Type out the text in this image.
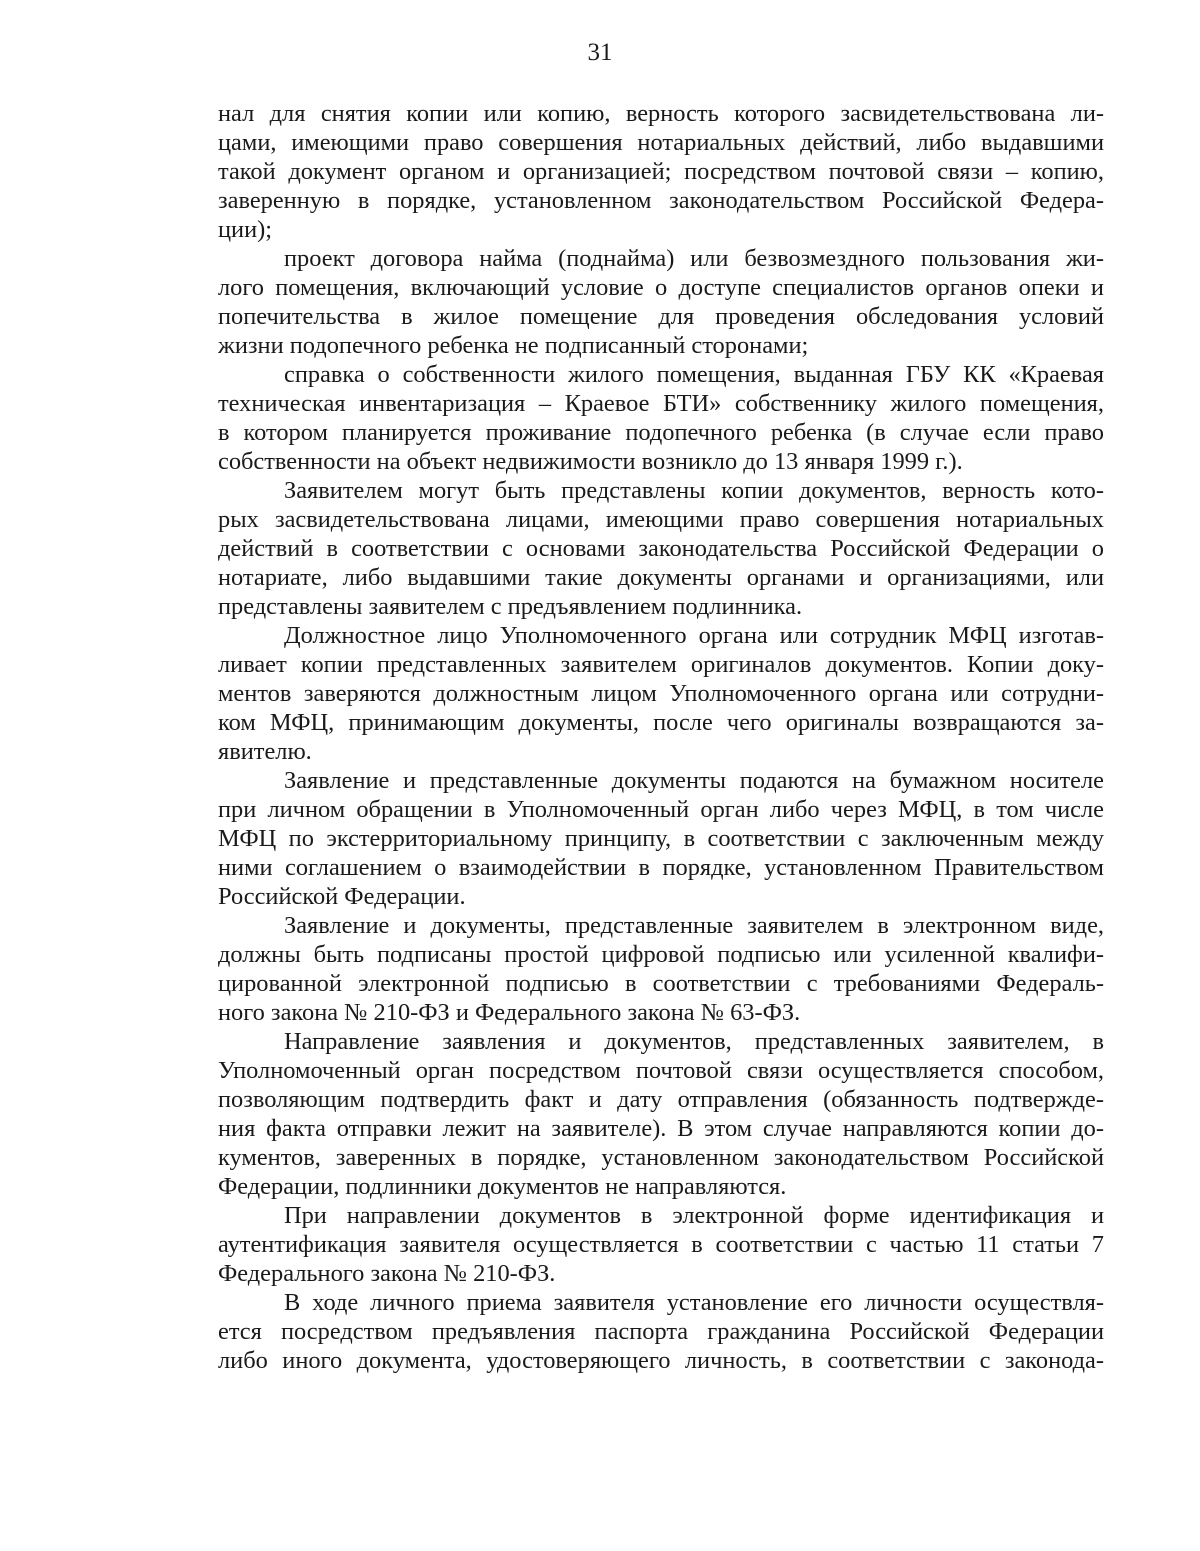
31

нал для снятия копии или копию, верность которого засвидетельствована ли-
цами, имеющими право совершения нотариальных действий, либо выдавшими
такой документ органом и организацией; посредством почтовой связи – копию,
заверенную в порядке, установленном законодательством Российской Федера-
ции);

проект договора найма (поднайма) или безвозмездного пользования жи-
лого помещения, включающий условие о доступе специалистов органов опеки и
попечительства в жилое помещение для проведения обследования условий
жизни подопечного ребенка не подписанный сторонами;

справка о собственности жилого помещения, выданная ГБУ КК «Краевая
техническая инвентаризация – Краевое БТИ» собственнику жилого помещения,
в котором планируется проживание подопечного ребенка (в случае если право
собственности на объект недвижимости возникло до 13 января 1999 г.).

Заявителем могут быть представлены копии документов, верность кото-
рых засвидетельствована лицами, имеющими право совершения нотариальных
действий в соответствии с основами законодательства Российской Федерации о
нотариате, либо выдавшими такие документы органами и организациями, или
представлены заявителем с предъявлением подлинника.

Должностное лицо Уполномоченного органа или сотрудник МФЦ изготав-
ливает копии представленных заявителем оригиналов документов. Копии доку-
ментов заверяются должностным лицом Уполномоченного органа или сотрудни-
ком МФЦ, принимающим документы, после чего оригиналы возвращаются за-
явителю.

Заявление и представленные документы подаются на бумажном носителе
при личном обращении в Уполномоченный орган либо через МФЦ, в том числе
МФЦ по экстерриториальному принципу, в соответствии с заключенным между
ними соглашением о взаимодействии в порядке, установленном Правительством
Российской Федерации.

Заявление и документы, представленные заявителем в электронном виде,
должны быть подписаны простой цифровой подписью или усиленной квалифи-
цированной электронной подписью в соответствии с требованиями Федераль-
ного закона № 210-ФЗ и Федерального закона № 63-ФЗ.

Направление заявления и документов, представленных заявителем, в
Уполномоченный орган посредством почтовой связи осуществляется способом,
позволяющим подтвердить факт и дату отправления (обязанность подтвержде-
ния факта отправки лежит на заявителе). В этом случае направляются копии до-
кументов, заверенных в порядке, установленном законодательством Российской
Федерации, подлинники документов не направляются.

При направлении документов в электронной форме идентификация и
аутентификация заявителя осуществляется в соответствии с частью 11 статьи 7
Федерального закона № 210-ФЗ.

В ходе личного приема заявителя установление его личности осуществля-
ется посредством предъявления паспорта гражданина Российской Федерации
либо иного документа, удостоверяющего личность, в соответствии с законода-
